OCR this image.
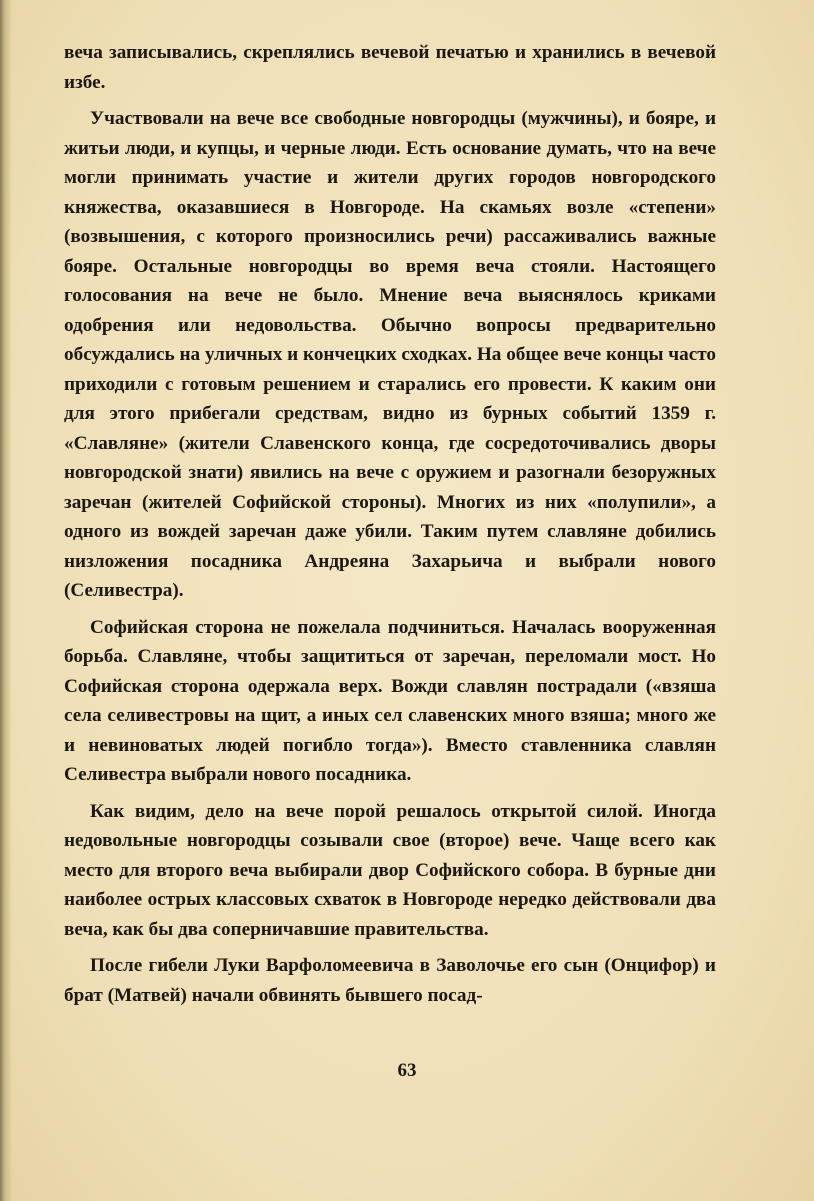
веча записывались, скреплялись вечевой печатью и хранились в вечевой избе.

Участвовали на вече все свободные новгородцы (мужчины), и бояре, и житьи люди, и купцы, и черные люди. Есть основание думать, что на вече могли принимать участие и жители других городов новгородского княжества, оказавшиеся в Новгороде. На скамьях возле «степени» (возвышения, с которого произносились речи) рассаживались важные бояре. Остальные новгородцы во время веча стояли. Настоящего голосования на вече не было. Мнение веча выяснялось криками одобрения или недовольства. Обычно вопросы предварительно обсуждались на уличных и кончецких сходках. На общее вече концы часто приходили с готовым решением и старались его провести. К каким они для этого прибегали средствам, видно из бурных событий 1359 г. «Славляне» (жители Славенского конца, где сосредоточивались дворы новгородской знати) явились на вече с оружием и разогнали безоружных заречан (жителей Софийской стороны). Многих из них «полупили», а одного из вождей заречан даже убили. Таким путем славляне добились низложения посадника Андреяна Захарьича и выбрали нового (Селивестра).

Софийская сторона не пожелала подчиниться. Началась вооруженная борьба. Славляне, чтобы защититься от заречан, переломали мост. Но Софийская сторона одержала верх. Вожди славлян пострадали («взяша села селивестровы на щит, а иных сел славенских много взяша; много же и невиноватых людей погибло тогда»). Вместо ставленника славлян Селивестра выбрали нового посадника.

Как видим, дело на вече порой решалось открытой силой. Иногда недовольные новгородцы созывали свое (второе) вече. Чаще всего как место для второго веча выбирали двор Софийского собора. В бурные дни наиболее острых классовых схваток в Новгороде нередко действовали два веча, как бы два соперничавшие правительства.

После гибели Луки Варфоломеевича в Заволочье его сын (Онцифор) и брат (Матвей) начали обвинять бывшего посад-

63
